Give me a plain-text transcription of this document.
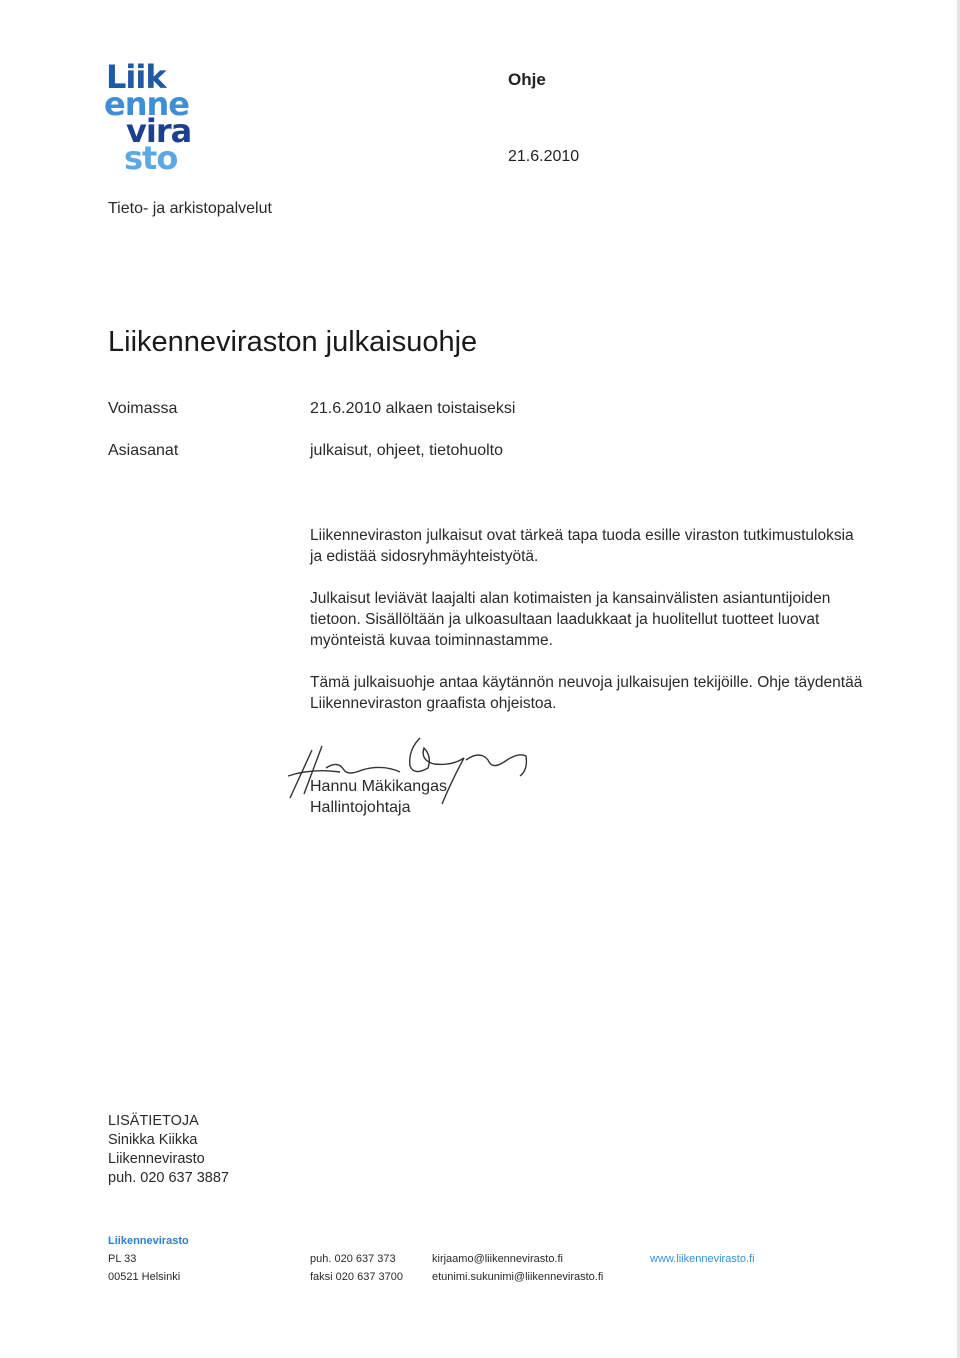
Liik
enne
vira
sto
Ohje
21.6.2010
Tieto- ja arkistopalvelut
Liikenneviraston julkaisuohje
Voimassa	21.6.2010 alkaen toistaiseksi
Asiasanat	julkaisut, ohjeet, tietohuolto

Liikenneviraston julkaisut ovat tärkeä tapa tuoda esille viraston tutkimustuloksia ja edistää sidosryhmäyhteistyötä.

Julkaisut leviävät laajalti alan kotimaisten ja kansainvälisten asiantuntijoiden tietoon. Sisällöltään ja ulkoasultaan laadukkaat ja huolitellut tuotteet luovat myönteistä kuvaa toiminnastamme.

Tämä julkaisuohje antaa käytännön neuvoja julkaisujen tekijöille. Ohje täydentää Liikenneviraston graafista ohjeistoa.

Hannu Mäkikangas
Hallintojohtaja
LISÄTIETOJA
Sinikka Kiikka
Liikennevirasto
puh. 020 637 3887
Liikennevirasto
PL 33
00521 Helsinki
puh. 020 637 373
faksi 020 637 3700
kirjaamo@liikennevirasto.fi
etunimi.sukunimi@liikennevirasto.fi
www.liikennevirasto.fi
